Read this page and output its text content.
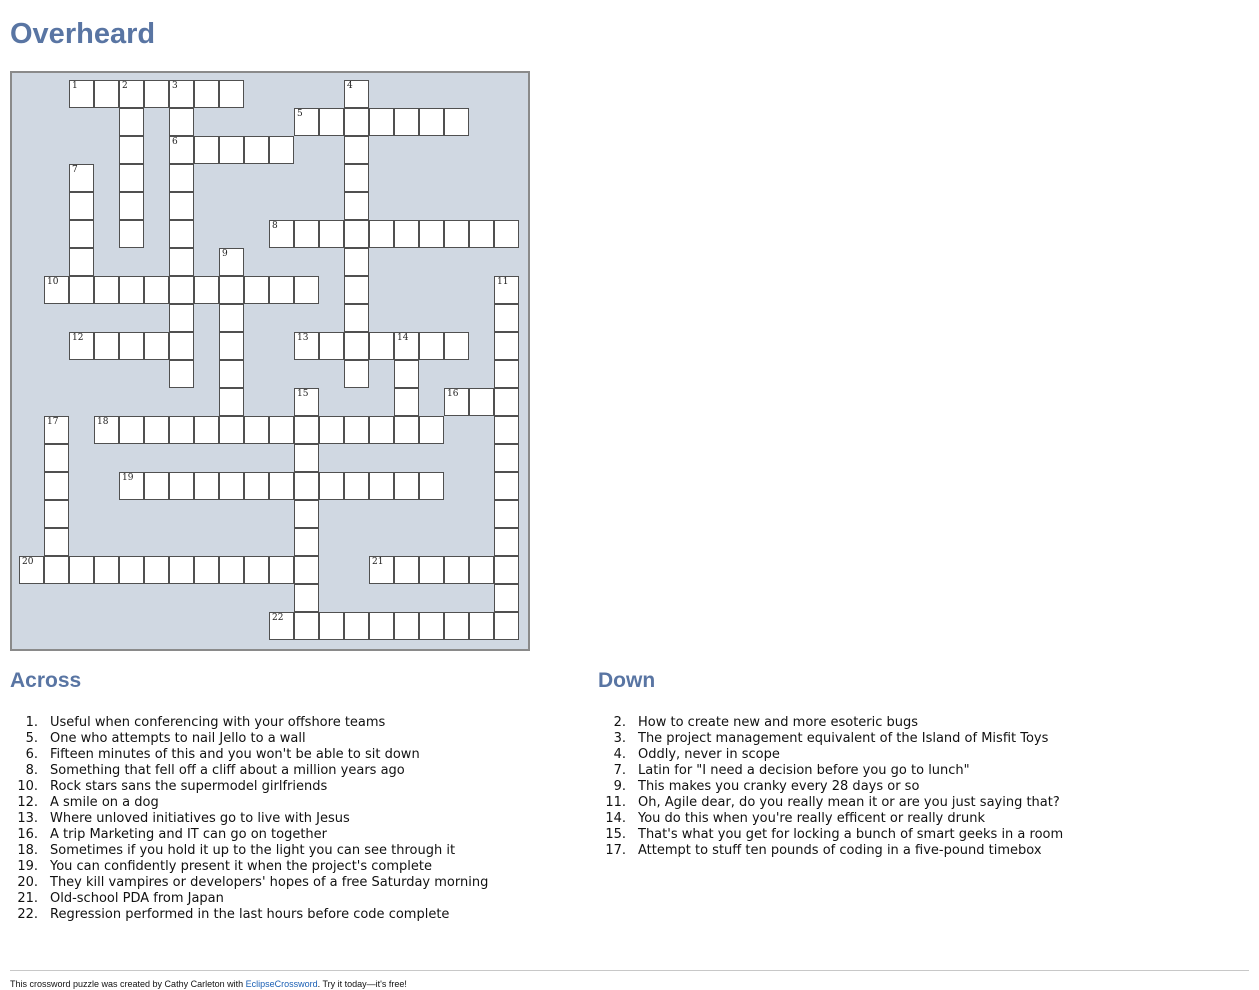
Overheard
1	2	3
5
6
8
10
12	13	14
16
18
19
20	21
22
4
7
9
11
15
17
Across	Down
1. Useful when conferencing with your offshore teams
5. One who attempts to nail Jello to a wall
6. Fifteen minutes of this and you won't be able to sit down
8. Something that fell off a cliff about a million years ago
10. Rock stars sans the supermodel girlfriends
12. A smile on a dog
13. Where unloved initiatives go to live with Jesus
16. A trip Marketing and IT can go on together
18. Sometimes if you hold it up to the light you can see through it
19. You can confidently present it when the project's complete
20. They kill vampires or developers' hopes of a free Saturday morning
21. Old-school PDA from Japan
22. Regression performed in the last hours before code complete
2. How to create new and more esoteric bugs
3. The project management equivalent of the Island of Misfit Toys
4. Oddly, never in scope
7. Latin for "I need a decision before you go to lunch"
9. This makes you cranky every 28 days or so
11. Oh, Agile dear, do you really mean it or are you just saying that?
14. You do this when you're really efficent or really drunk
15. That's what you get for locking a bunch of smart geeks in a room
17. Attempt to stuff ten pounds of coding in a five-pound timebox
This crossword puzzle was created by Cathy Carleton with EclipseCrossword. Try it today—it's free!
